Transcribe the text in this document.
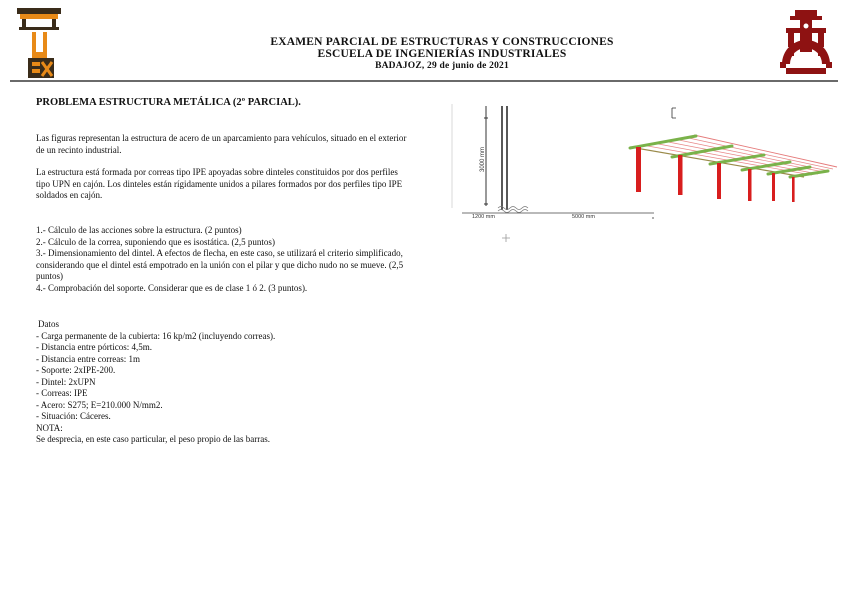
EXAMEN PARCIAL DE ESTRUCTURAS Y CONSTRUCCIONES
ESCUELA DE INGENIERÍAS INDUSTRIALES
BADAJOZ, 29 de junio de 2021
PROBLEMA ESTRUCTURA METÁLICA (2º PARCIAL).
Las figuras representan la estructura de acero de un aparcamiento para vehículos, situado en el exterior de un recinto industrial.
La estructura está formada por correas tipo IPE apoyadas sobre dinteles constituidos por dos perfiles tipo UPN en cajón. Los dinteles están rígidamente unidos a pilares formados por dos perfiles tipo IPE soldados en cajón.
1.- Cálculo de las acciones sobre la estructura. (2 puntos)
2.- Cálculo de la correa, suponiendo que es isostática. (2,5 puntos)
3.- Dimensionamiento del dintel. A efectos de flecha, en este caso, se utilizará el criterio simplificado, considerando que el dintel está empotrado en la unión con el pilar y que dicho nudo no se mueve. (2,5 puntos)
4.- Comprobación del soporte. Considerar que es de clase 1 ó 2. (3 puntos).
Datos
- Carga permanente de la cubierta: 16 kp/m2 (incluyendo correas).
- Distancia entre pórticos: 4,5m.
- Distancia entre correas: 1m
- Soporte: 2xIPE-200.
- Dintel: 2xUPN
- Correas: IPE
- Acero: S275; E=210.000 N/mm2.
- Situación: Cáceres.
NOTA:
Se desprecia, en este caso particular, el peso propio de las barras.
3000 mm
1200 mm	5000 mm
